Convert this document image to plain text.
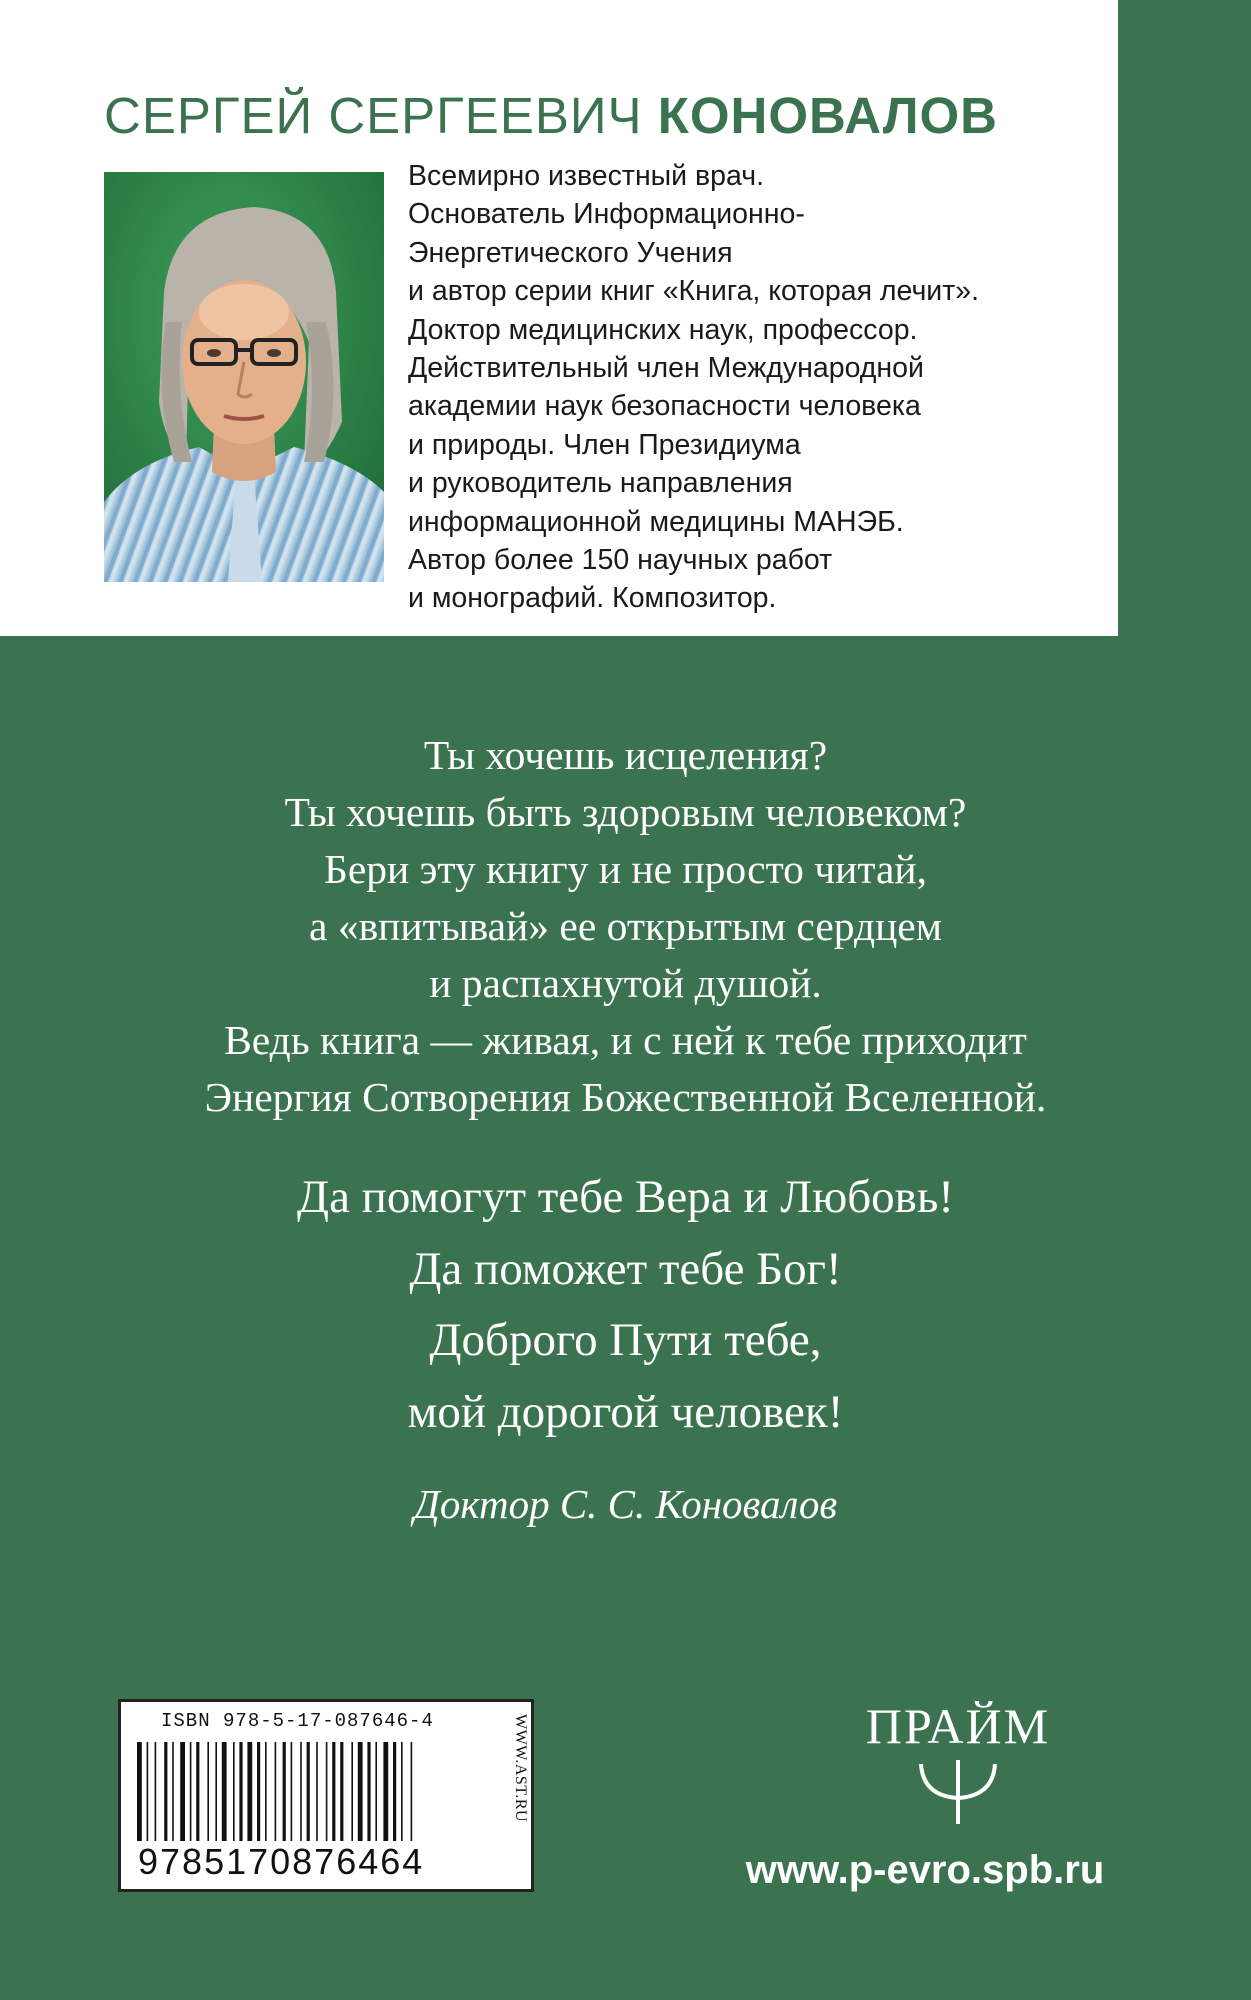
СЕРГЕЙ СЕРГЕЕВИЧ КОНОВАЛОВ
Всемирно известный врач.
Основатель Информационно-
Энергетического Учения
и автор серии книг «Книга, которая лечит».
Доктор медицинских наук, профессор.
Действительный член Международной
академии наук безопасности человека
и природы. Член Президиума
и руководитель направления
информационной медицины МАНЭБ.
Автор более 150 научных работ
и монографий. Композитор.
Ты хочешь исцеления?
Ты хочешь быть здоровым человеком?
Бери эту книгу и не просто читай,
а «впитывай» ее открытым сердцем
и распахнутой душой.
Ведь книга — живая, и с ней к тебе приходит
Энергия Сотворения Божественной Вселенной.
Да помогут тебе Вера и Любовь!
Да поможет тебе Бог!
Доброго Пути тебе,
мой дорогой человек!
Доктор С. С. Коновалов
ISBN 978-5-17-087646-4
9785170876464
WWW.AST.RU	ПРАЙМ
www.p-evro.spb.ru
